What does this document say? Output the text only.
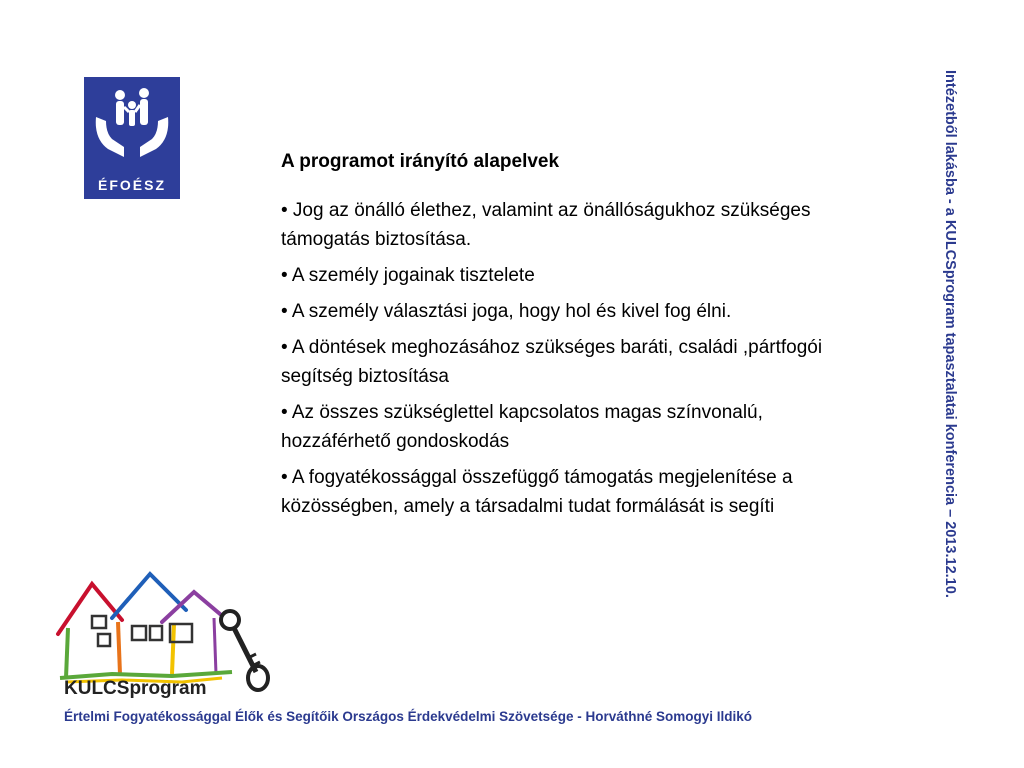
ÉFOÉSZ
A programot irányító alapelvek
• Jog az önálló élethez, valamint az önállóságukhoz szükséges támogatás biztosítása.
• A személy jogainak tisztelete
• A személy választási joga, hogy hol és kivel fog élni.
• A döntések meghozásához szükséges baráti, családi ,pártfogói segítség biztosítása
• Az összes szükséglettel kapcsolatos magas színvonalú, hozzáférhető gondoskodás
• A fogyatékossággal összefüggő támogatás megjelenítése a közösségben, amely a társadalmi tudat formálását is segíti	Intézetből lakásba - a KULCSprogram tapasztalatai konferencia – 2013.12.10.
KULCSprogram
Értelmi Fogyatékossággal Élők és Segítőik Országos Érdekvédelmi Szövetsége - Horváthné Somogyi Ildikó
